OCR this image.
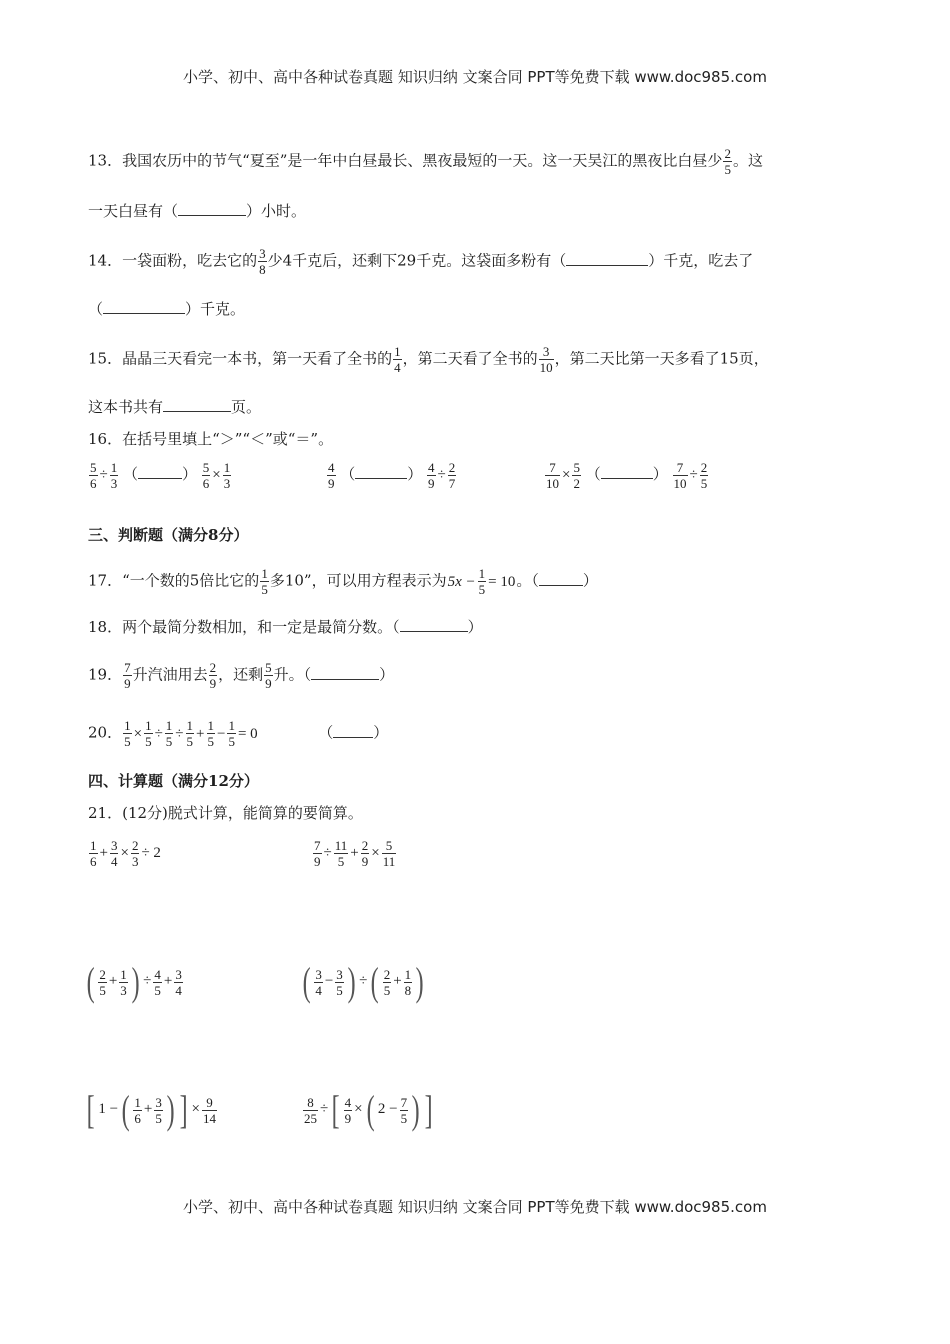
小学、初中、高中各种试卷真题 知识归纳 文案合同 PPT等免费下载 www.doc985.com
13．我国农历中的节气“夏至”是一年中白昼最长、黑夜最短的一天。这一天吴江的黑夜比白昼少 $\frac{2}{5}$ 。这
一天白昼有（	）小时。
14．一袋面粉，吃去它的 $\frac{3}{8}$ 少4千克后，还剩下29千克。这袋面多粉有（	）千克，吃去了
（	）千克。
15．晶晶三天看完一本书，第一天看了全书的 $\frac{1}{4}$ ，第二天看了全书的 $\frac{3}{10}$ ，第二天比第一天多看了15页，
这本书共有	页。
16．在括号里填上“＞”“＜”或“＝”。
$\frac{5}{6} \div \frac{1}{3}$ （	） $\frac{5}{6} \times \frac{1}{3}$	$\frac{4}{9}$ （	） $\frac{4}{9} \div \frac{2}{7}$	$\frac{7}{10} \times \frac{5}{2}$ （	） $\frac{7}{10} \div \frac{2}{5}$
三、判断题（满分8分）
17．“一个数的5倍比它的 $\frac{1}{5}$ 多10”，可以用方程表示为$5x - \frac{1}{5} = 10$。（	）
18．两个最简分数相加，和一定是最简分数。（	）
19． $\frac{7}{9}$ 升汽油用去 $\frac{2}{9}$ ，还剩 $\frac{5}{9}$ 升。（	）
20． $\frac{1}{5} \times \frac{1}{5} \div \frac{1}{5} \div \frac{1}{5} + \frac{1}{5} - \frac{1}{5} = 0$	（	）
四、计算题（满分12分）
21．(12分)脱式计算，能简算的要简算。
$\frac{1}{6} + \frac{3}{4} \times \frac{2}{3} \div 2$	$\frac{7}{9} \div \frac{11}{5} + \frac{2}{9} \times \frac{5}{11}$
( $\frac{2}{5} + \frac{1}{3}$ ) ÷ $\frac{4}{5} + \frac{3}{4}$	( $\frac{3}{4} - \frac{3}{5}$ ) ÷( $\frac{2}{5} + \frac{1}{8}$ )
[ 1 −( $\frac{1}{6} + \frac{3}{5}$ ) ] × $\frac{9}{14}$	$\frac{8}{25}$ ÷[ $\frac{4}{9}$ ×( $2 - \frac{7}{5}$ ) ]
小学、初中、高中各种试卷真题 知识归纳 文案合同 PPT等免费下载 www.doc985.com
